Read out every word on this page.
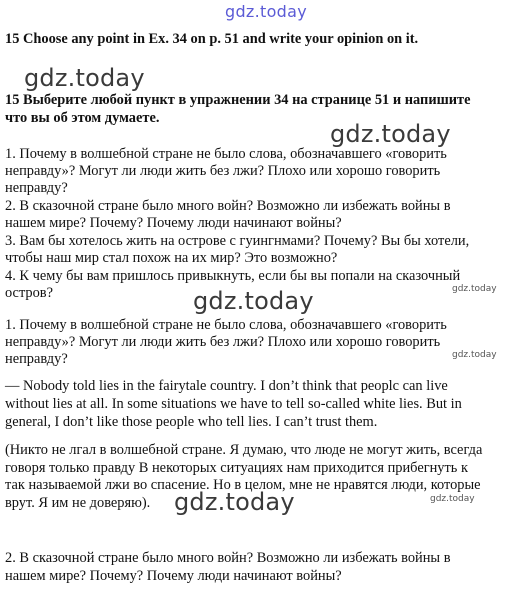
gdz.today
gdz.today
gdz.today
gdz.today
gdz.today
gdz.today
gdz.today
gdz.today
15 Choose any point in Ex. 34 on p. 51 and write your opinion on it.
15 Выберите любой пункт в упражнении 34 на странице 51 и напишите
что вы об этом думаете.
1. Почему в волшебной стране не было слова, обозначавшего «говорить
неправду»? Могут ли люди жить без лжи? Плохо или хорошо говорить
неправду?
2. В сказочной стране было много войн? Возможно ли избежать войны в
нашем мире? Почему? Почему люди начинают войны?
3. Вам бы хотелось жить на острове с гуингнмами? Почему? Вы бы хотели,
чтобы наш мир стал похож на их мир? Это возможно?
4. К чему бы вам пришлось привыкнуть, если бы вы попали на сказочный
остров?
1. Почему в волшебной стране не было слова, обозначавшего «говорить
неправду»? Могут ли люди жить без лжи? Плохо или хорошо говорить
неправду?
— Nobody told lies in the fairytale country. I don’t think that peoplc can live
without lies at all. In some situations we have to tell so-called white lies. But in
general, I don’t like those people who tell lies. I can’t trust them.
(Никто не лгал в волшебной стране. Я думаю, что люде не могут жить, всегда
говоря только правду В некоторых ситуациях нам приходится прибегнуть к
так называемой лжи во спасение. Но в целом, мне не нравятся люди, которые
врут. Я им не доверяю).
2. В сказочной стране было много войн? Возможно ли избежать войны в
нашем мире? Почему? Почему люди начинают войны?
